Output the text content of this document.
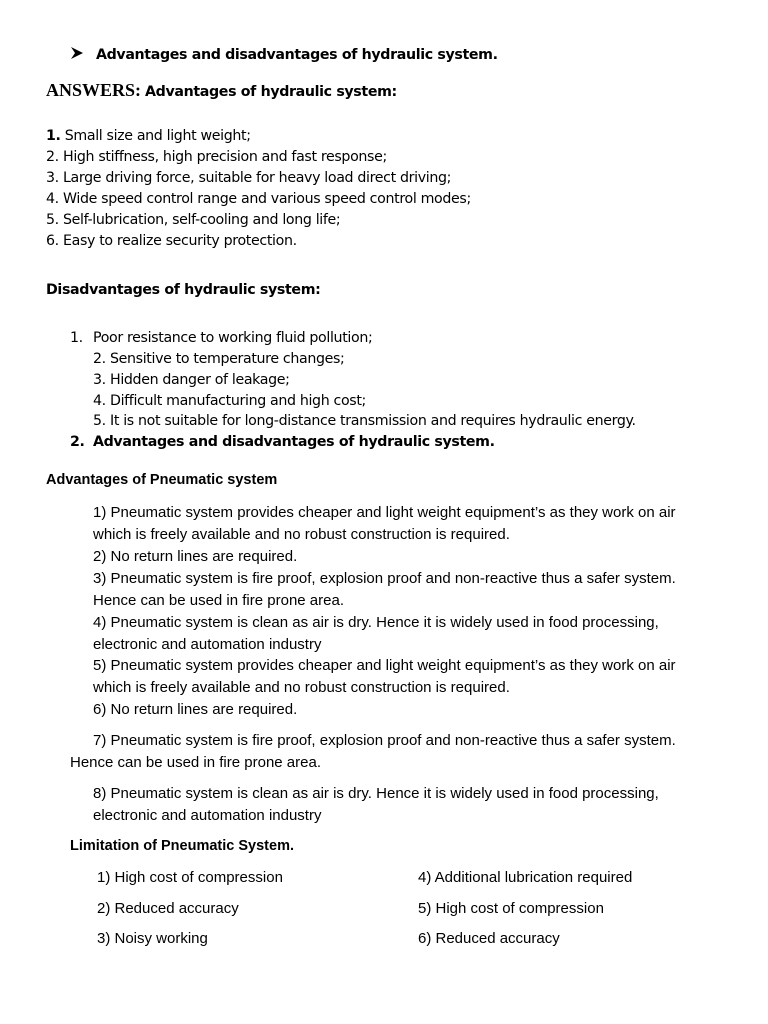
Advantages and disadvantages of hydraulic system.
ANSWERS: Advantages of hydraulic system:
1. Small size and light weight;
2. High stiffness, high precision and fast response;
3. Large driving force, suitable for heavy load direct driving;
4. Wide speed control range and various speed control modes;
5. Self-lubrication, self-cooling and long life;
6. Easy to realize security protection.
Disadvantages of hydraulic system:
1. Poor resistance to working fluid pollution;
2. Sensitive to temperature changes;
3. Hidden danger of leakage;
4. Difficult manufacturing and high cost;
5. It is not suitable for long-distance transmission and requires hydraulic energy.
2. Advantages and disadvantages of hydraulic system.
Advantages of Pneumatic system
1) Pneumatic system provides cheaper and light weight equipment’s as they work on air
which is freely available and no robust construction is required.
2) No return lines are required.
3) Pneumatic system is fire proof, explosion proof and non-reactive thus a safer system.
Hence can be used in fire prone area.
4) Pneumatic system is clean as air is dry. Hence it is widely used in food processing,
electronic and automation industry
5) Pneumatic system provides cheaper and light weight equipment’s as they work on air
which is freely available and no robust construction is required.
6) No return lines are required.
7) Pneumatic system is fire proof, explosion proof and non-reactive thus a safer system.
Hence can be used in fire prone area.
8) Pneumatic system is clean as air is dry. Hence it is widely used in food processing,
electronic and automation industry
Limitation of Pneumatic System.
1) High cost of compression
2) Reduced accuracy
3) Noisy working
4) Additional lubrication required
5) High cost of compression
6) Reduced accuracy
